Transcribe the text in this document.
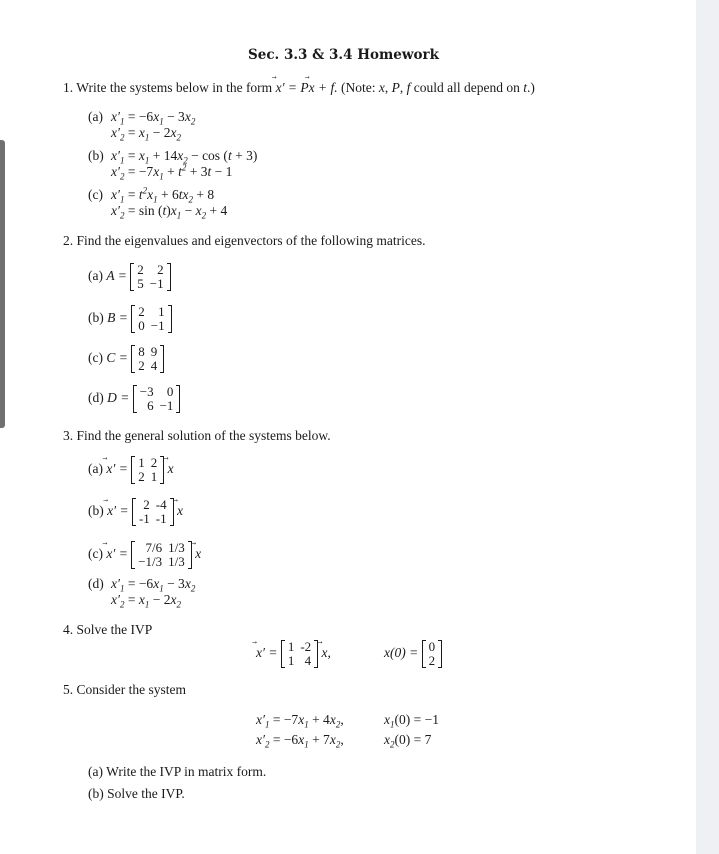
Sec. 3.3 & 3.4 Homework
1. Write the systems below in the form x ⃗′ = Px ⃗ + f. (Note: x, P, f could all depend on t.)
(a) $x'_1 = -6x_1 - 3x_2$
$x'_2 = x_1 - 2x_2$
(b) $x'_1 = x_1 + 14x_2 - \cos (t + 3)$
$x'_2 = -7x_1 + t^2 + 3t - 1$
(c) $x'_1 = t^2x_1 + 6tx_2 + 8$
$x'_2 = \sin (t)x_1 - x_2 + 4$
2. Find the eigenvalues and eigenvectors of the following matrices.
(a) A = 2	2
5	−1
(b) B = 2	1
0	−1
(c) C = 8	9
2	4
(d) D = −3	0
6	−1
3. Find the general solution of the systems below.
(a) x ⃗′ = 1	2
2	1
x ⃗
(b) x ⃗′ = 2	-4
-1	-1
x ⃗
(c) x ⃗′ = 7/6	1/3
−1/3	1/3
x ⃗
(d) $x'_1 = -6x_1 - 3x_2$
$x'_2 = x_1 - 2x_2$
4. Solve the IVP
x ⃗′ = 1	-2
1	4
x ⃗,	x(0) = 0
2
5. Consider the system
$x'_1 = -7x_1 + 4x_2$,
$x'_2 = -6x_1 + 7x_2$,
$x_1(0) = -1$
$x_2(0) = 7$
(a) Write the IVP in matrix form.
(b) Solve the IVP.
